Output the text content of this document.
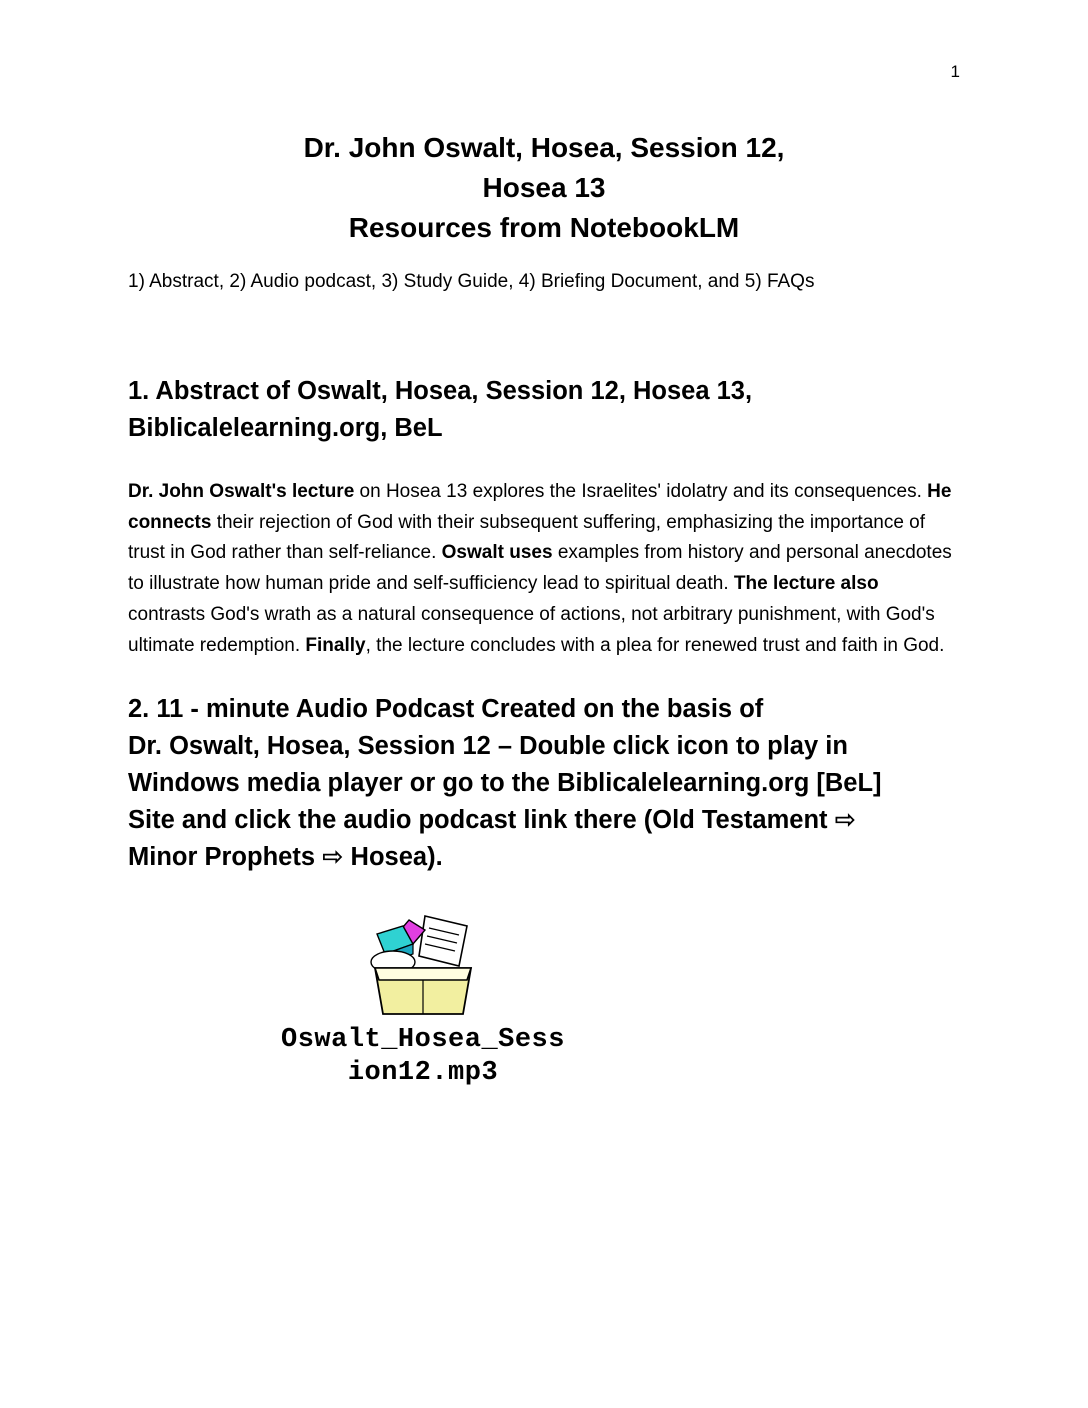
1
Dr. John Oswalt, Hosea, Session 12,
Hosea 13
Resources from NotebookLM

1) Abstract, 2) Audio podcast, 3) Study Guide, 4) Briefing Document, and 5) FAQs

1. Abstract of Oswalt, Hosea, Session 12, Hosea 13,
Biblicalelearning.org, BeL

Dr. John Oswalt's lecture on Hosea 13 explores the Israelites' idolatry and its consequences. He connects their rejection of God with their subsequent suffering, emphasizing the importance of trust in God rather than self-reliance. Oswalt uses examples from history and personal anecdotes to illustrate how human pride and self-sufficiency lead to spiritual death. The lecture also contrasts God's wrath as a natural consequence of actions, not arbitrary punishment, with God's ultimate redemption. Finally, the lecture concludes with a plea for renewed trust and faith in God.

2. 11 - minute Audio Podcast Created on the basis of
Dr. Oswalt, Hosea, Session 12 – Double click icon to play in
Windows media player or go to the Biblicalelearning.org [BeL]
Site and click the audio podcast link there (Old Testament ⇨
Minor Prophets ⇨ Hosea).
Oswalt_Hosea_Sess
ion12.mp3
